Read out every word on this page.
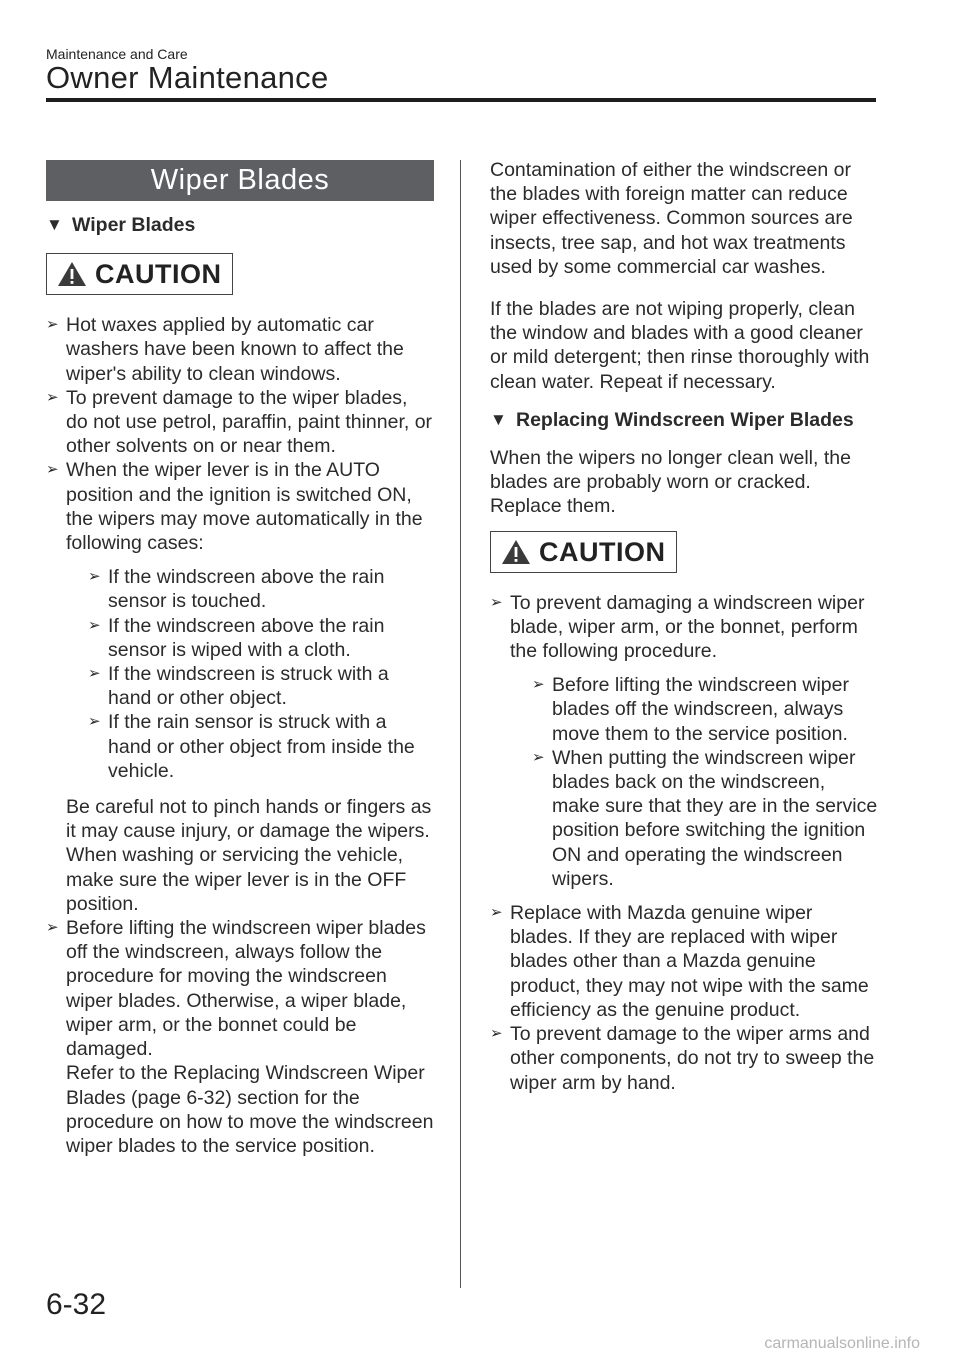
Maintenance and Care
Owner Maintenance
Wiper Blades
▼ Wiper Blades
CAUTION
➢ Hot waxes applied by automatic car washers have been known to affect the wiper's ability to clean windows.
➢ To prevent damage to the wiper blades, do not use petrol, paraffin, paint thinner, or other solvents on or near them.
➢ When the wiper lever is in the AUTO position and the ignition is switched ON, the wipers may move automatically in the following cases:
➢ If the windscreen above the rain sensor is touched.
➢ If the windscreen above the rain sensor is wiped with a cloth.
➢ If the windscreen is struck with a hand or other object.
➢ If the rain sensor is struck with a hand or other object from inside the vehicle.

Be careful not to pinch hands or fingers as it may cause injury, or damage the wipers. When washing or servicing the vehicle, make sure the wiper lever is in the OFF position.

➢ Before lifting the windscreen wiper blades off the windscreen, always follow the procedure for moving the windscreen wiper blades. Otherwise, a wiper blade, wiper arm, or the bonnet could be damaged.
Refer to the Replacing Windscreen Wiper Blades (page 6-32) section for the procedure on how to move the windscreen wiper blades to the service position.

Contamination of either the windscreen or the blades with foreign matter can reduce wiper effectiveness. Common sources are insects, tree sap, and hot wax treatments used by some commercial car washes.

If the blades are not wiping properly, clean the window and blades with a good cleaner or mild detergent; then rinse thoroughly with clean water. Repeat if necessary.

▼ Replacing Windscreen Wiper Blades

When the wipers no longer clean well, the blades are probably worn or cracked.

Replace them.

CAUTION
➢ To prevent damaging a windscreen wiper blade, wiper arm, or the bonnet, perform the following procedure.
➢ Before lifting the windscreen wiper blades off the windscreen, always move them to the service position.
➢ When putting the windscreen wiper blades back on the windscreen, make sure that they are in the service position before switching the ignition ON and operating the windscreen wipers.
➢ Replace with Mazda genuine wiper blades. If they are replaced with wiper blades other than a Mazda genuine product, they may not wipe with the same efficiency as the genuine product.
➢ To prevent damage to the wiper arms and other components, do not try to sweep the wiper arm by hand.
6-32
carmanualsonline.info
